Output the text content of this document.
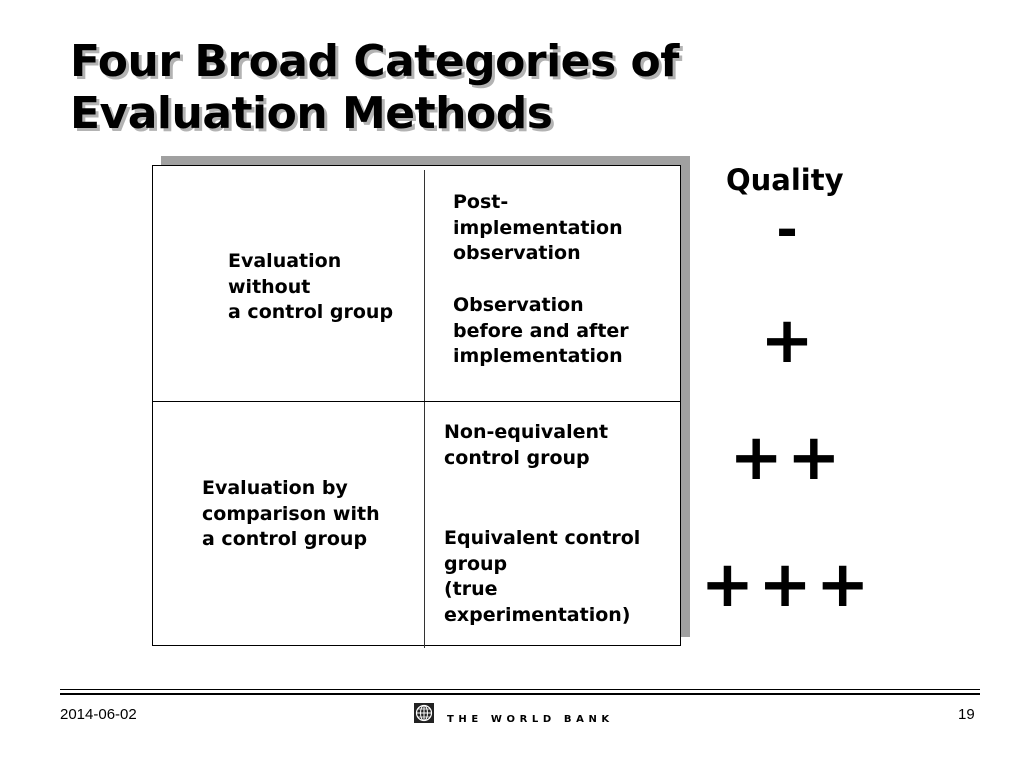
Four Broad Categories of
Evaluation Methods
Evaluation
without
a control group
Post-
implementation
observation
Observation
before and after
implementation
Evaluation by
comparison with
a control group
Non-equivalent
control group
Equivalent control
group
(true
experimentation)
Quality
-
+
++
+++
2014-06-02	THE WORLD BANK	19
